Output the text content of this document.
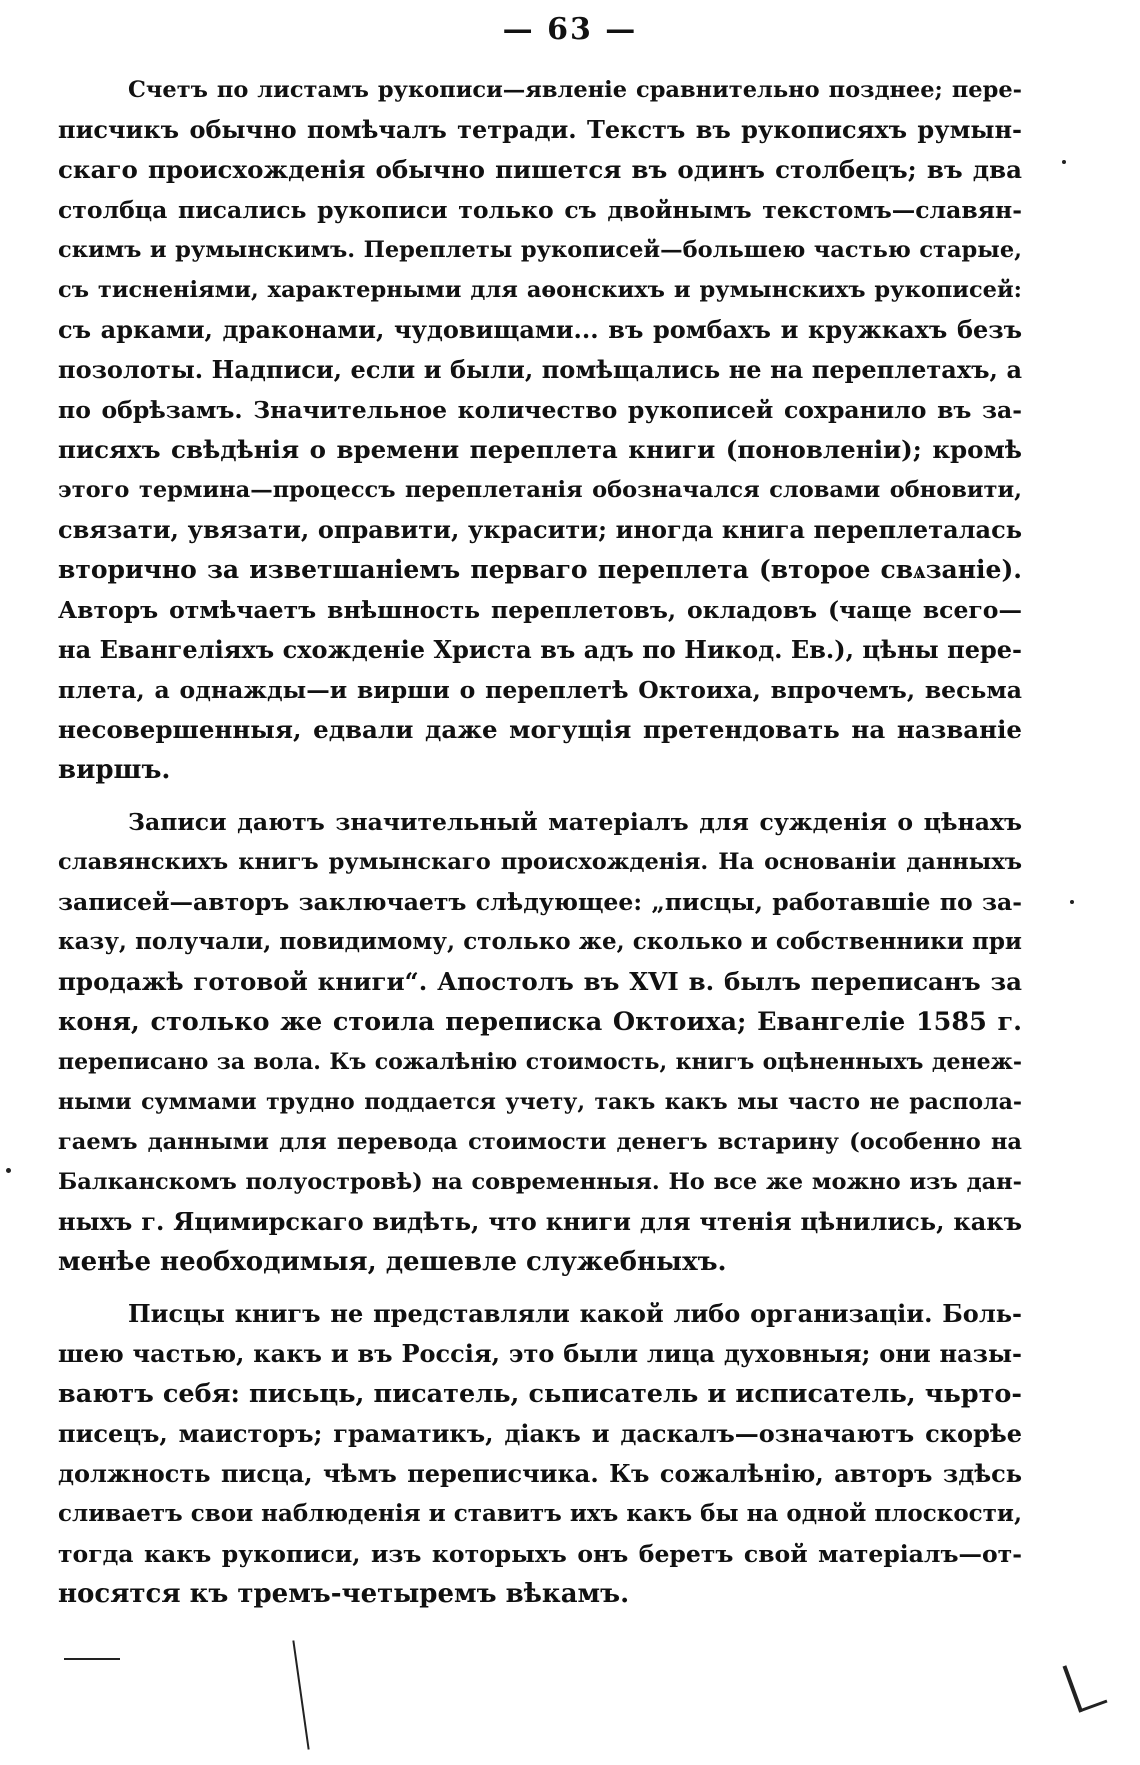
— 63 —
Счетъ по листамъ рукописи—явленіе сравнительно позднее; пере-
писчикъ обычно помѣчалъ тетради. Текстъ въ рукописяхъ румын-
скаго происхожденія обычно пишется въ одинъ столбецъ; въ два
столбца писались рукописи только съ двойнымъ текстомъ—славян-
скимъ и румынскимъ. Переплеты рукописей—большею частью старые,
съ тисненіями, характерными для аѳонскихъ и румынскихъ рукописей:
съ арками, драконами, чудовищами... въ ромбахъ и кружкахъ безъ
позолоты. Надписи, если и были, помѣщались не на переплетахъ, а
по обрѣзамъ. Значительное количество рукописей сохранило въ за-
писяхъ свѣдѣнія о времени переплета книги (поновленіи); кромѣ
этого термина—процессъ переплетанія обозначался словами обновити,
связати, увязати, оправити, украсити; иногда книга переплеталась
вторично за изветшаніемъ перваго переплета (второе свѧзаніе).
Авторъ отмѣчаетъ внѣшность переплетовъ, окладовъ (чаще всего—
на Евангеліяхъ схожденіе Христа въ адъ по Никод. Ев.), цѣны пере-
плета, а однажды—и вирши о переплетѣ Октоиха, впрочемъ, весьма
несовершенныя, едвали даже могущія претендовать на названіе
виршъ.
Записи даютъ значительный матеріалъ для сужденія о цѣнахъ
славянскихъ книгъ румынскаго происхожденія. На основаніи данныхъ
записей—авторъ заключаетъ слѣдующее: „писцы, работавшіе по за-
казу, получали, повидимому, столько же, сколько и собственники при
продажѣ готовой книги“. Апостолъ въ XVI в. былъ переписанъ за
коня, столько же стоила переписка Октоиха; Евангеліе 1585 г.
переписано за вола. Къ сожалѣнію стоимость, книгъ оцѣненныхъ денеж-
ными суммами трудно поддается учету, такъ какъ мы часто не распола-
гаемъ данными для перевода стоимости денегъ встарину (особенно на
Балканскомъ полуостровѣ) на современныя. Но все же можно изъ дан-
ныхъ г. Яцимирскаго видѣть, что книги для чтенія цѣнились, какъ
менѣе необходимыя, дешевле служебныхъ.
Писцы книгъ не представляли какой либо организаціи. Боль-
шею частью, какъ и въ Россія, это были лица духовныя; они назы-
ваютъ себя: письць, писатель, сьписатель и исписатель, чьрто-
писецъ, маисторъ; граматикъ, діакъ и даскалъ—означаютъ скорѣе
должность писца, чѣмъ переписчика. Къ сожалѣнію, авторъ здѣсь
сливаетъ свои наблюденія и ставитъ ихъ какъ бы на одной плоскости,
тогда какъ рукописи, изъ которыхъ онъ беретъ свой матеріалъ—от-
носятся къ тремъ-четыремъ вѣкамъ.
